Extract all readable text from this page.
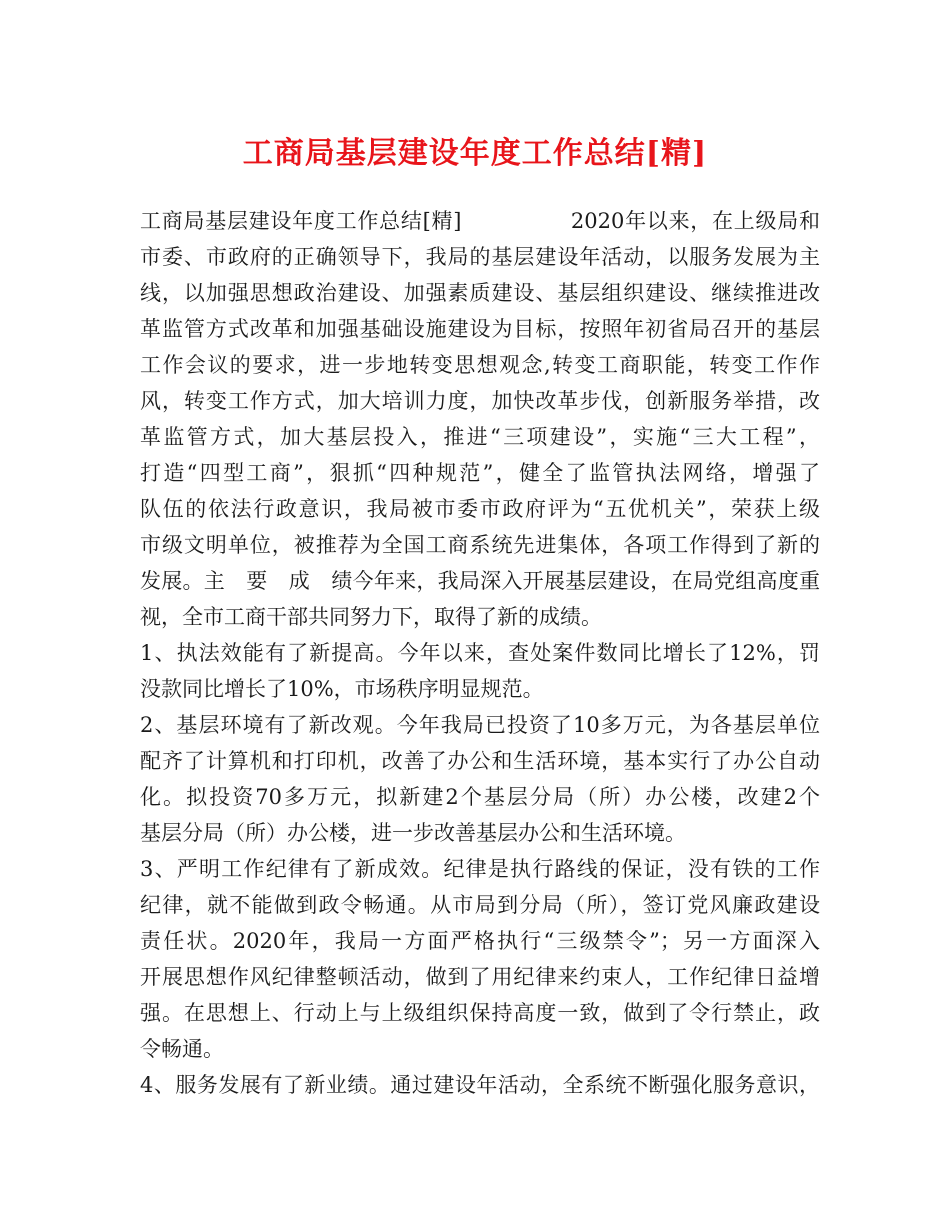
工商局基层建设年度工作总结[精]
工商局基层建设年度工作总结[精]　　　　　2020年以来，在上级局和
市委、市政府的正确领导下，我局的基层建设年活动，以服务发展为主
线，以加强思想政治建设、加强素质建设、基层组织建设、继续推进改
革监管方式改革和加强基础设施建设为目标，按照年初省局召开的基层
工作会议的要求，进一步地转变思想观念,转变工商职能，转变工作作
风，转变工作方式，加大培训力度，加快改革步伐，创新服务举措，改
革监管方式，加大基层投入，推进“三项建设”，实施“三大工程”，
打造“四型工商”，狠抓“四种规范”，健全了监管执法网络，增强了
队伍的依法行政意识，我局被市委市政府评为“五优机关”，荣获上级
市级文明单位，被推荐为全国工商系统先进集体，各项工作得到了新的
发展。主　要　成　绩今年来，我局深入开展基层建设，在局党组高度重
视，全市工商干部共同努力下，取得了新的成绩。
1、执法效能有了新提高。今年以来，查处案件数同比增长了12%，罚
没款同比增长了10%，市场秩序明显规范。
2、基层环境有了新改观。今年我局已投资了10多万元，为各基层单位
配齐了计算机和打印机，改善了办公和生活环境，基本实行了办公自动
化。拟投资70多万元，拟新建2个基层分局（所）办公楼，改建2个
基层分局（所）办公楼，进一步改善基层办公和生活环境。
3、严明工作纪律有了新成效。纪律是执行路线的保证，没有铁的工作
纪律，就不能做到政令畅通。从市局到分局（所），签订党风廉政建设
责任状。2020年，我局一方面严格执行“三级禁令”；另一方面深入
开展思想作风纪律整顿活动，做到了用纪律来约束人，工作纪律日益增
强。在思想上、行动上与上级组织保持高度一致，做到了令行禁止，政
令畅通。
4、服务发展有了新业绩。通过建设年活动，全系统不断强化服务意识，
